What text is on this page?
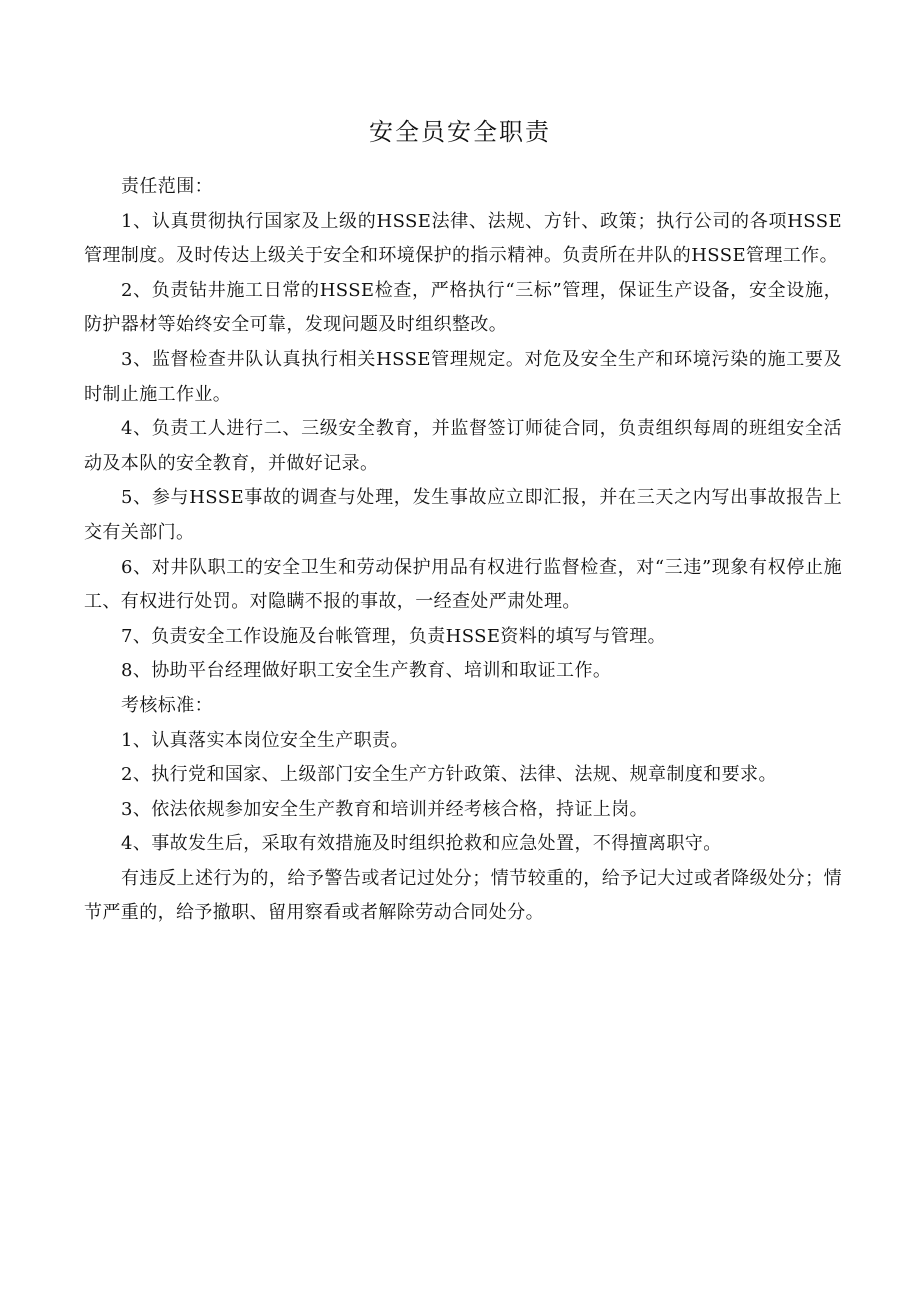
安全员安全职责

责任范围：

1、认真贯彻执行国家及上级的HSSE法律、法规、方针、政策；执行公司的各项HSSE管理制度。及时传达上级关于安全和环境保护的指示精神。负责所在井队的HSSE管理工作。

2、负责钻井施工日常的HSSE检查，严格执行“三标”管理，保证生产设备，安全设施，防护器材等始终安全可靠，发现问题及时组织整改。

3、监督检查井队认真执行相关HSSE管理规定。对危及安全生产和环境污染的施工要及时制止施工作业。

4、负责工人进行二、三级安全教育，并监督签订师徒合同，负责组织每周的班组安全活动及本队的安全教育，并做好记录。

5、参与HSSE事故的调查与处理，发生事故应立即汇报，并在三天之内写出事故报告上交有关部门。

6、对井队职工的安全卫生和劳动保护用品有权进行监督检查，对“三违”现象有权停止施工、有权进行处罚。对隐瞒不报的事故，一经查处严肃处理。

7、负责安全工作设施及台帐管理，负责HSSE资料的填写与管理。

8、协助平台经理做好职工安全生产教育、培训和取证工作。

考核标准：

1、认真落实本岗位安全生产职责。

2、执行党和国家、上级部门安全生产方针政策、法律、法规、规章制度和要求。

3、依法依规参加安全生产教育和培训并经考核合格，持证上岗。

4、事故发生后，采取有效措施及时组织抢救和应急处置，不得擅离职守。

有违反上述行为的，给予警告或者记过处分；情节较重的，给予记大过或者降级处分；情节严重的，给予撤职、留用察看或者解除劳动合同处分。
